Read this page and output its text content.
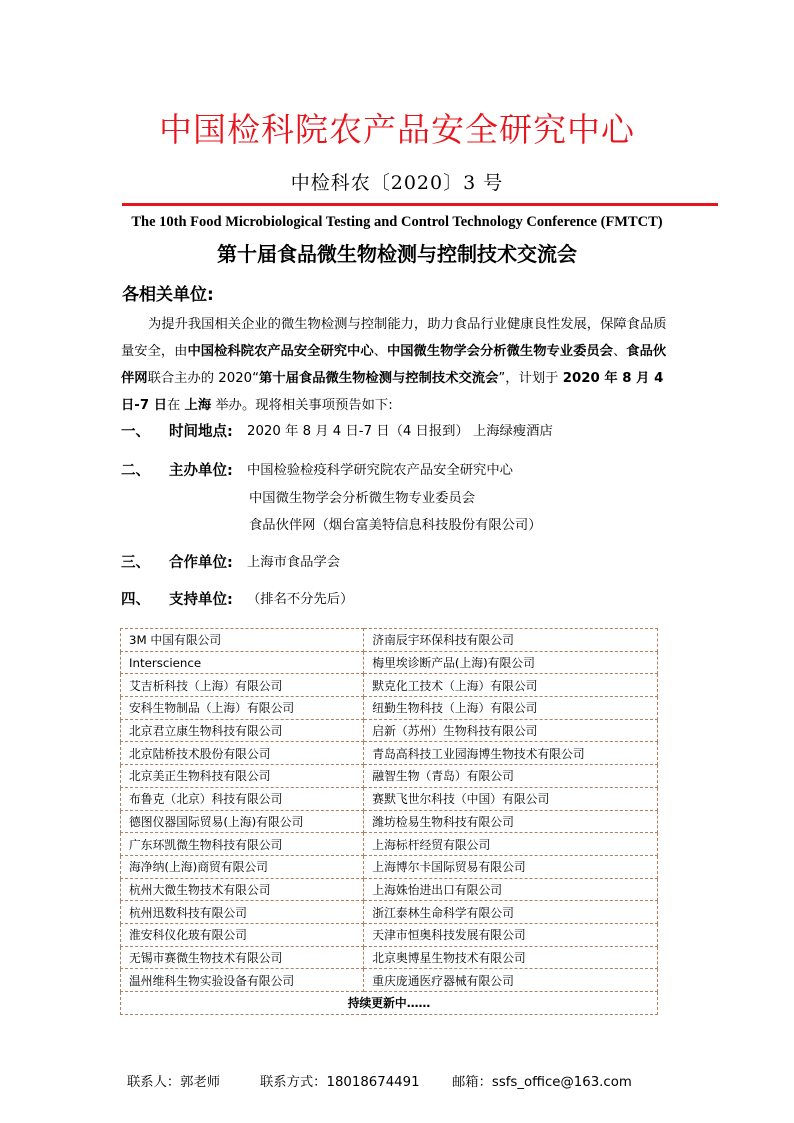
中国检科院农产品安全研究中心
中检科农〔2020〕3 号
The 10th Food Microbiological Testing and Control Technology Conference (FMTCT)
第十届食品微生物检测与控制技术交流会
各相关单位:
为提升我国相关企业的微生物检测与控制能力，助力食品行业健康良性发展，保障食品质量安全，由中国检科院农产品安全研究中心、中国微生物学会分析微生物专业委员会、食品伙伴网联合主办的 2020“第十届食品微生物检测与控制技术交流会”，计划于 2020 年 8 月 4 日-7 日在 上海 举办。现将相关事项预告如下:
一、 时间地点: 2020 年 8 月 4 日-7 日（4 日报到） 上海绿瘦酒店
二、 主办单位: 中国检验检疫科学研究院农产品安全研究中心
中国微生物学会分析微生物专业委员会
食品伙伴网（烟台富美特信息科技股份有限公司）
三、 合作单位: 上海市食品学会
四、 支持单位: （排名不分先后）
3M 中国有限公司	济南辰宇环保科技有限公司
Interscience	梅里埃诊断产品(上海)有限公司
艾吉析科技（上海）有限公司	默克化工技术（上海）有限公司
安科生物制品（上海）有限公司	纽勤生物科技（上海）有限公司
北京君立康生物科技有限公司	启新（苏州）生物科技有限公司
北京陆桥技术股份有限公司	青岛高科技工业园海博生物技术有限公司
北京美正生物科技有限公司	融智生物（青岛）有限公司
布鲁克（北京）科技有限公司	赛默飞世尔科技（中国）有限公司
德图仪器国际贸易(上海)有限公司	潍坊检易生物科技有限公司
广东环凯微生物科技有限公司	上海标杆经贸有限公司
海净纳(上海)商贸有限公司	上海博尔卡国际贸易有限公司
杭州大微生物技术有限公司	上海姝怡进出口有限公司
杭州迅数科技有限公司	浙江泰林生命科学有限公司
淮安科仪化玻有限公司	天津市恒奥科技发展有限公司
无锡市赛微生物技术有限公司	北京奥博星生物技术有限公司
温州维科生物实验设备有限公司	重庆庞通医疗器械有限公司
持续更新中……	
联系人：郭老师	联系方式：18018674491 邮箱：ssfs_office@163.com
